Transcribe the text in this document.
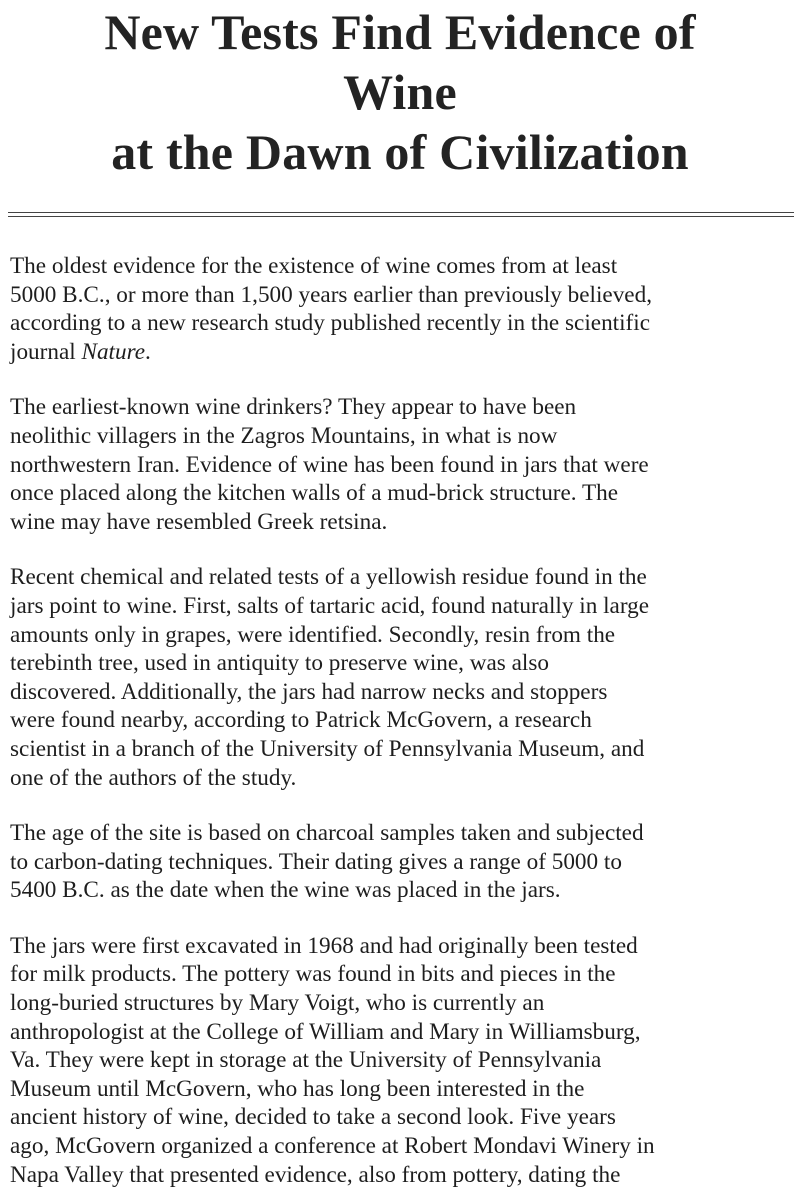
New Tests Find Evidence of
Wine
at the Dawn of Civilization

The oldest evidence for the existence of wine comes from at least
5000 B.C., or more than 1,500 years earlier than previously believed,
according to a new research study published recently in the scientific
journal Nature.

The earliest-known wine drinkers? They appear to have been
neolithic villagers in the Zagros Mountains, in what is now
northwestern Iran. Evidence of wine has been found in jars that were
once placed along the kitchen walls of a mud-brick structure. The
wine may have resembled Greek retsina.

Recent chemical and related tests of a yellowish residue found in the
jars point to wine. First, salts of tartaric acid, found naturally in large
amounts only in grapes, were identified. Secondly, resin from the
terebinth tree, used in antiquity to preserve wine, was also
discovered. Additionally, the jars had narrow necks and stoppers
were found nearby, according to Patrick McGovern, a research
scientist in a branch of the University of Pennsylvania Museum, and
one of the authors of the study.

The age of the site is based on charcoal samples taken and subjected
to carbon-dating techniques. Their dating gives a range of 5000 to
5400 B.C. as the date when the wine was placed in the jars.

The jars were first excavated in 1968 and had originally been tested
for milk products. The pottery was found in bits and pieces in the
long-buried structures by Mary Voigt, who is currently an
anthropologist at the College of William and Mary in Williamsburg,
Va. They were kept in storage at the University of Pennsylvania
Museum until McGovern, who has long been interested in the
ancient history of wine, decided to take a second look. Five years
ago, McGovern organized a conference at Robert Mondavi Winery in
Napa Valley that presented evidence, also from pottery, dating the
